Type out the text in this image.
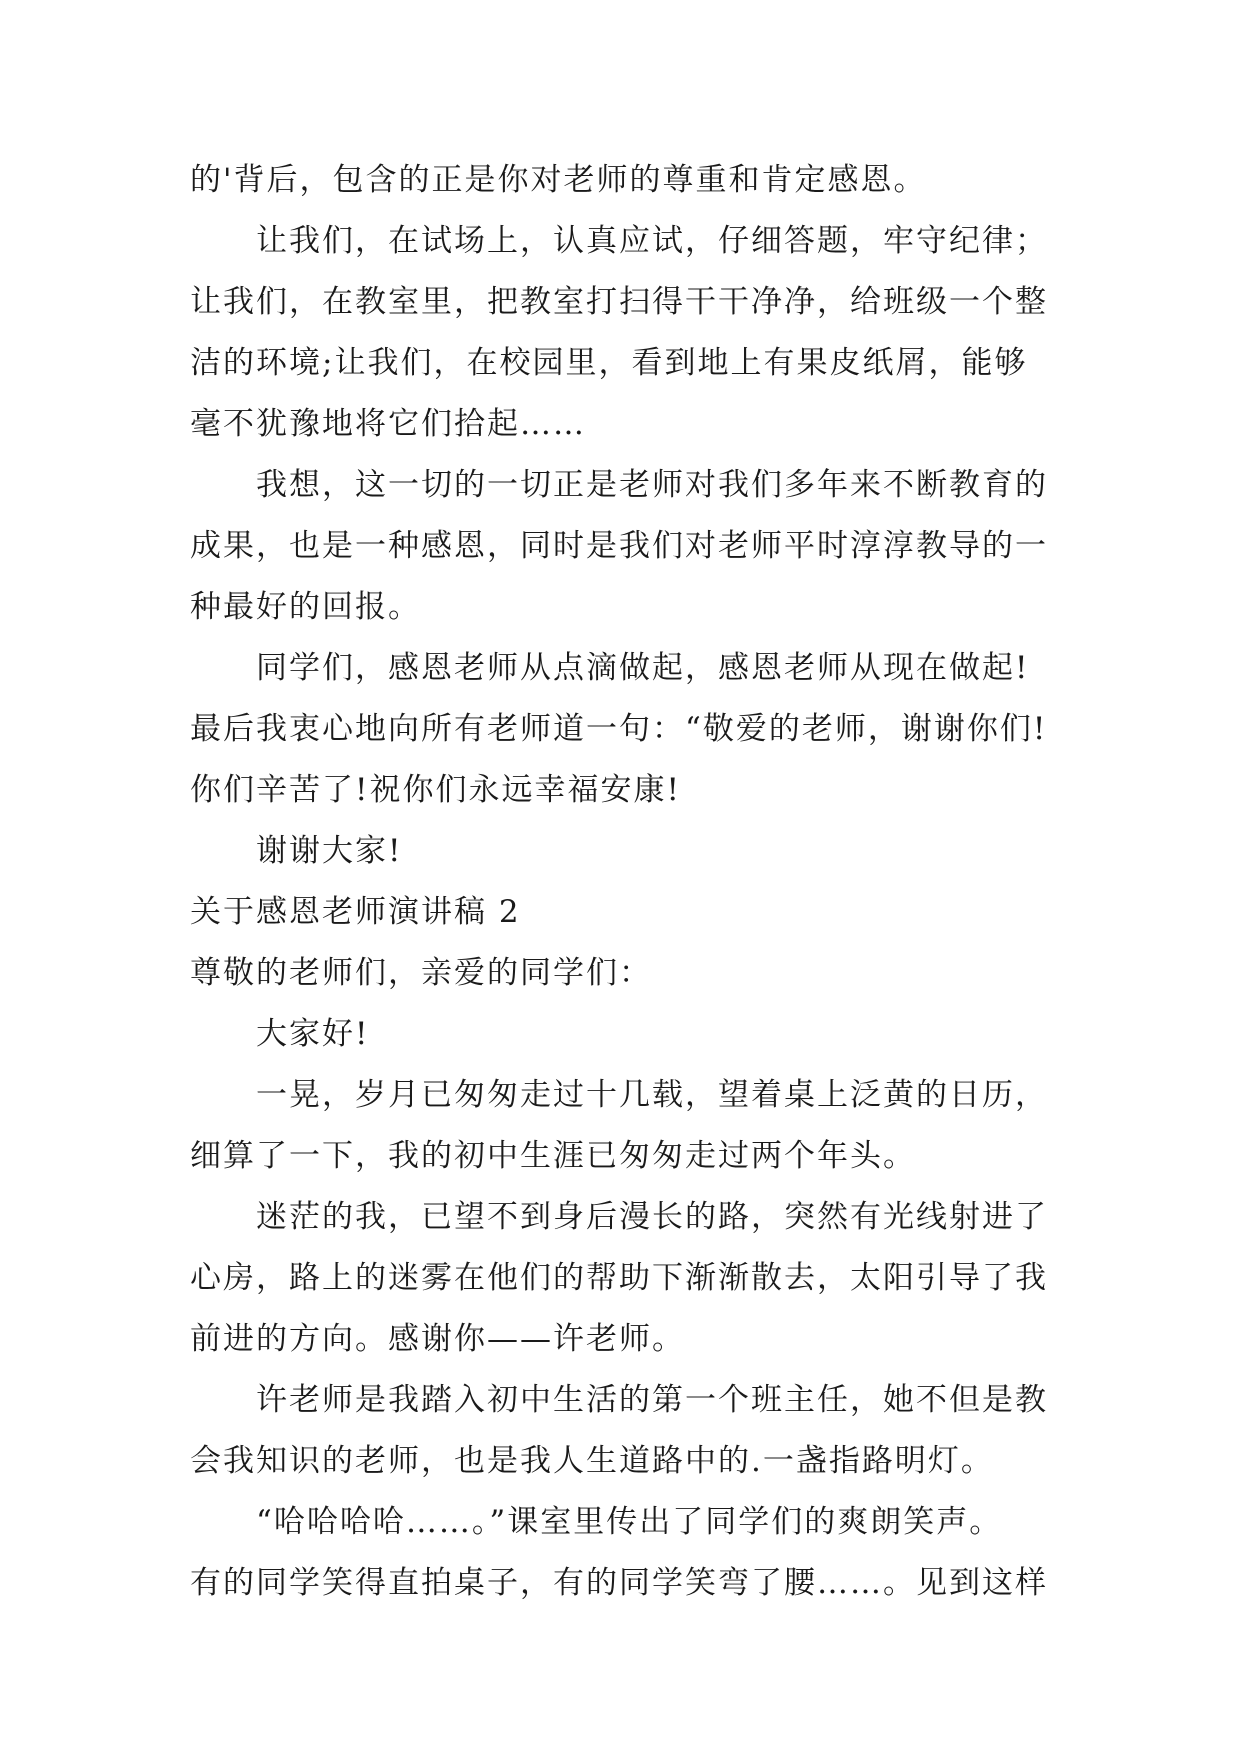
的'背后，包含的正是你对老师的尊重和肯定感恩。
让我们，在试场上，认真应试，仔细答题，牢守纪律；
让我们，在教室里，把教室打扫得干干净净，给班级一个整
洁的环境;让我们，在校园里，看到地上有果皮纸屑，能够
毫不犹豫地将它们拾起……
我想，这一切的一切正是老师对我们多年来不断教育的
成果，也是一种感恩，同时是我们对老师平时淳淳教导的一
种最好的回报。
同学们，感恩老师从点滴做起，感恩老师从现在做起!
最后我衷心地向所有老师道一句：“敬爱的老师，谢谢你们!
你们辛苦了!祝你们永远幸福安康!
谢谢大家!
关于感恩老师演讲稿 2
尊敬的老师们，亲爱的同学们：
大家好!
一晃，岁月已匆匆走过十几载，望着桌上泛黄的日历，
细算了一下，我的初中生涯已匆匆走过两个年头。
迷茫的我，已望不到身后漫长的路，突然有光线射进了
心房，路上的迷雾在他们的帮助下渐渐散去，太阳引导了我
前进的方向。感谢你——许老师。
许老师是我踏入初中生活的第一个班主任，她不但是教
会我知识的老师，也是我人生道路中的.一盏指路明灯。
“哈哈哈哈……。”课室里传出了同学们的爽朗笑声。
有的同学笑得直拍桌子，有的同学笑弯了腰……。见到这样
